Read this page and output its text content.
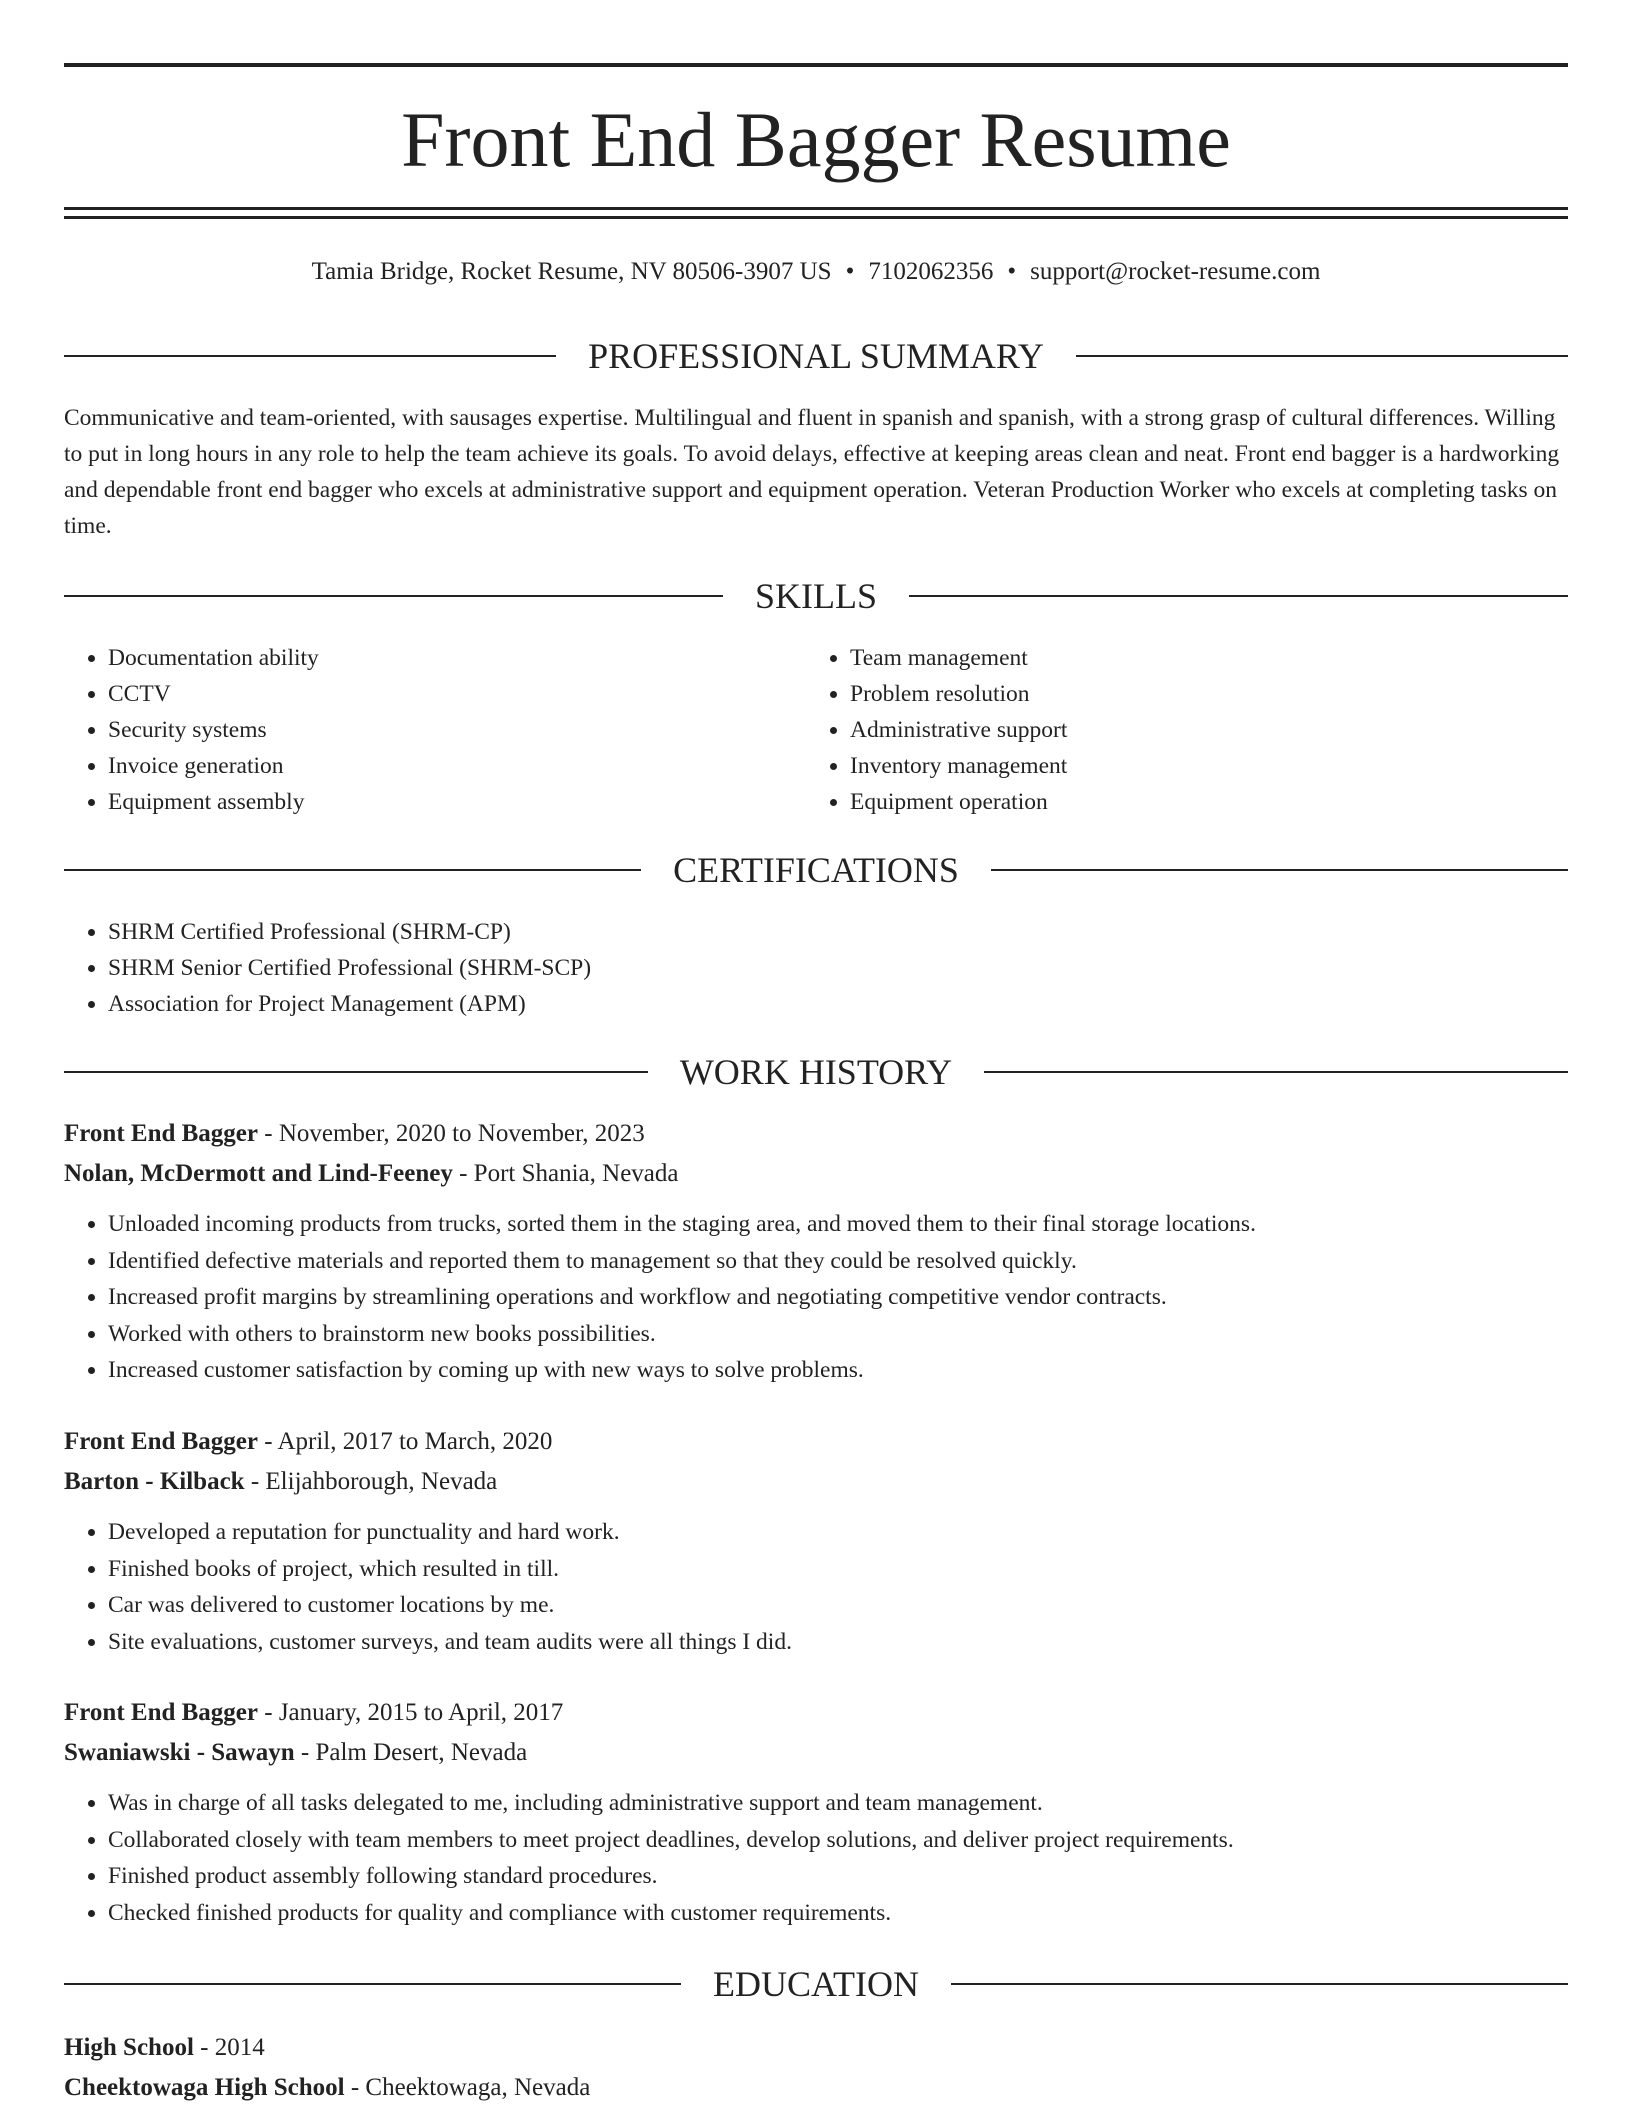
Front End Bagger Resume
Tamia Bridge, Rocket Resume, NV 80506-3907 US • 7102062356 • support@rocket-resume.com
PROFESSIONAL SUMMARY

Communicative and team-oriented, with sausages expertise. Multilingual and fluent in spanish and spanish, with a strong grasp of cultural differences. Willing to put in long hours in any role to help the team achieve its goals. To avoid delays, effective at keeping areas clean and neat. Front end bagger is a hardworking and dependable front end bagger who excels at administrative support and equipment operation. Veteran Production Worker who excels at completing tasks on time.

SKILLS
• Documentation ability
• CCTV
• Security systems
• Invoice generation
• Equipment assembly
• Team management
• Problem resolution
• Administrative support
• Inventory management
• Equipment operation
CERTIFICATIONS
• SHRM Certified Professional (SHRM-CP)
• SHRM Senior Certified Professional (SHRM-SCP)
• Association for Project Management (APM)
WORK HISTORY
Front End Bagger - November, 2020 to November, 2023
Nolan, McDermott and Lind-Feeney - Port Shania, Nevada
• Unloaded incoming products from trucks, sorted them in the staging area, and moved them to their final storage locations.
• Identified defective materials and reported them to management so that they could be resolved quickly.
• Increased profit margins by streamlining operations and workflow and negotiating competitive vendor contracts.
• Worked with others to brainstorm new books possibilities.
• Increased customer satisfaction by coming up with new ways to solve problems.
Front End Bagger - April, 2017 to March, 2020
Barton - Kilback - Elijahborough, Nevada
• Developed a reputation for punctuality and hard work.
• Finished books of project, which resulted in till.
• Car was delivered to customer locations by me.
• Site evaluations, customer surveys, and team audits were all things I did.
Front End Bagger - January, 2015 to April, 2017
Swaniawski - Sawayn - Palm Desert, Nevada
• Was in charge of all tasks delegated to me, including administrative support and team management.
• Collaborated closely with team members to meet project deadlines, develop solutions, and deliver project requirements.
• Finished product assembly following standard procedures.
• Checked finished products for quality and compliance with customer requirements.
EDUCATION
High School - 2014
Cheektowaga High School - Cheektowaga, Nevada
